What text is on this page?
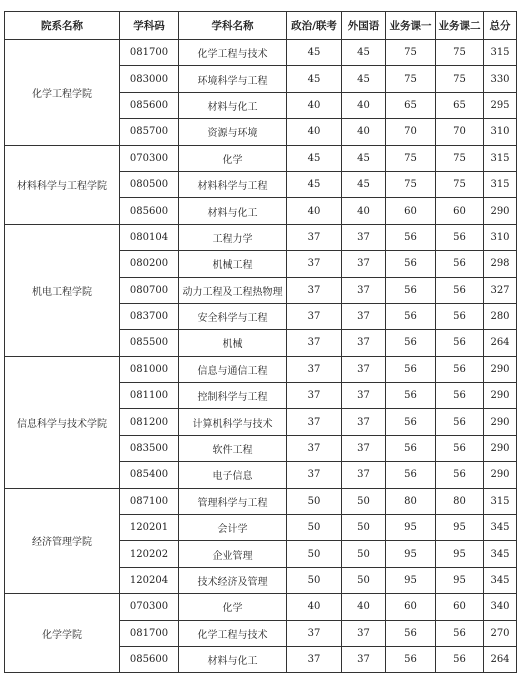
院系名称	学科码	学科名称	政治/联考	外国语	业务课一	业务课二	总分
化学工程学院	081700	化学工程与技术	45	45	75	75	315
	083000	环境科学与工程	45	45	75	75	330
	085600	材料与化工	40	40	65	65	295
	085700	资源与环境	40	40	70	70	310
材料科学与工程学院	070300	化学	45	45	75	75	315
	080500	材料科学与工程	45	45	75	75	315
	085600	材料与化工	40	40	60	60	290
机电工程学院	080104	工程力学	37	37	56	56	310
	080200	机械工程	37	37	56	56	298
	080700	动力工程及工程热物理	37	37	56	56	327
	083700	安全科学与工程	37	37	56	56	280
	085500	机械	37	37	56	56	264
信息科学与技术学院	081000	信息与通信工程	37	37	56	56	290
	081100	控制科学与工程	37	37	56	56	290
	081200	计算机科学与技术	37	37	56	56	290
	083500	软件工程	37	37	56	56	290
	085400	电子信息	37	37	56	56	290
经济管理学院	087100	管理科学与工程	50	50	80	80	315
	120201	会计学	50	50	95	95	345
	120202	企业管理	50	50	95	95	345
	120204	技术经济及管理	50	50	95	95	345
化学学院	070300	化学	40	40	60	60	340
	081700	化学工程与技术	37	37	56	56	270
	085600	材料与化工	37	37	56	56	264
